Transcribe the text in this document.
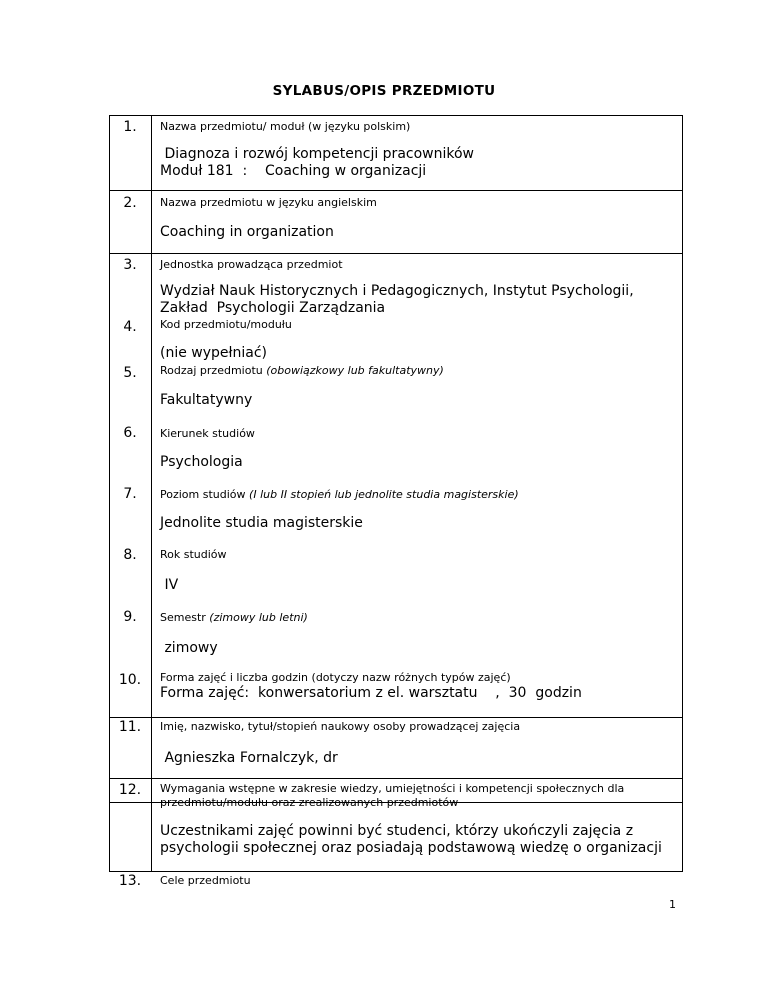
SYLABUS/OPIS PRZEDMIOTU
1.	Nazwa przedmiotu/ moduł (w języku polskim)
Diagnoza i rozwój kompetencji pracowników
Moduł 181  :    Coaching w organizacji
2.	Nazwa przedmiotu w języku angielskim
Coaching in organization
3.	Jednostka prowadząca przedmiot
Wydział Nauk Historycznych i Pedagogicznych, Instytut Psychologii,
Zakład  Psychologii Zarządzania
4.	Kod przedmiotu/modułu
(nie wypełniać)
5.	Rodzaj przedmiotu (obowiązkowy lub fakultatywny)
Fakultatywny
6.	Kierunek studiów
Psychologia
7.	Poziom studiów (I lub II stopień lub jednolite studia magisterskie)
Jednolite studia magisterskie
8.	Rok studiów
IV
9.	Semestr (zimowy lub letni)
zimowy
10.	Forma zajęć i liczba godzin (dotyczy nazw różnych typów zajęć)
Forma zajęć:  konwersatorium z el. warsztatu    ,  30  godzin
11.	Imię, nazwisko, tytuł/stopień naukowy osoby prowadzącej zajęcia
Agnieszka Fornalczyk, dr
12.	Wymagania wstępne w zakresie wiedzy, umiejętności i kompetencji społecznych dla przedmiotu/modułu oraz zrealizowanych przedmiotów
Uczestnikami zajęć powinni być studenci, którzy ukończyli zajęcia z psychologii społecznej oraz posiadają podstawową wiedzę o organizacji
13.	Cele przedmiotu
1
